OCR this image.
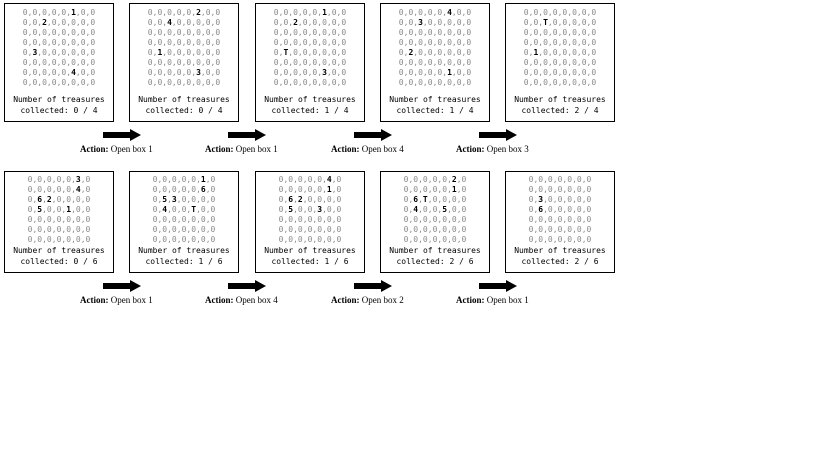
0,0,0,0,0,1,0,0
0,0,2,0,0,0,0,0
0,0,0,0,0,0,0,0
0,0,0,0,0,0,0,0
0,3,0,0,0,0,0,0
0,0,0,0,0,0,0,0
0,0,0,0,0,4,0,0
0,0,0,0,0,0,0,0
Number of treasures
collected: 0 / 4
0,0,0,0,0,2,0,0
0,0,4,0,0,0,0,0
0,0,0,0,0,0,0,0
0,0,0,0,0,0,0,0
0,1,0,0,0,0,0,0
0,0,0,0,0,0,0,0
0,0,0,0,0,3,0,0
0,0,0,0,0,0,0,0
Number of treasures
collected: 0 / 4
0,0,0,0,0,1,0,0
0,0,2,0,0,0,0,0
0,0,0,0,0,0,0,0
0,0,0,0,0,0,0,0
0,T,0,0,0,0,0,0
0,0,0,0,0,0,0,0
0,0,0,0,0,3,0,0
0,0,0,0,0,0,0,0
Number of treasures
collected: 1 / 4
0,0,0,0,0,4,0,0
0,0,3,0,0,0,0,0
0,0,0,0,0,0,0,0
0,0,0,0,0,0,0,0
0,2,0,0,0,0,0,0
0,0,0,0,0,0,0,0
0,0,0,0,0,1,0,0
0,0,0,0,0,0,0,0
Number of treasures
collected: 1 / 4
0,0,0,0,0,0,0,0
0,0,T,0,0,0,0,0
0,0,0,0,0,0,0,0
0,0,0,0,0,0,0,0
0,1,0,0,0,0,0,0
0,0,0,0,0,0,0,0
0,0,0,0,0,0,0,0
0,0,0,0,0,0,0,0
Number of treasures
collected: 2 / 4
Action: Open box 1	Action: Open box 1	Action: Open box 4	Action: Open box 3
0,0,0,0,0,3,0
0,0,0,0,0,4,0
0,6,2,0,0,0,0
0,5,0,0,1,0,0
0,0,0,0,0,0,0
0,0,0,0,0,0,0
0,0,0,0,0,0,0
Number of treasures
collected: 0 / 6
0,0,0,0,0,1,0
0,0,0,0,0,6,0
0,5,3,0,0,0,0
0,4,0,0,T,0,0
0,0,0,0,0,0,0
0,0,0,0,0,0,0
0,0,0,0,0,0,0
Number of treasures
collected: 1 / 6
0,0,0,0,0,4,0
0,0,0,0,0,1,0
0,6,2,0,0,0,0
0,5,0,0,3,0,0
0,0,0,0,0,0,0
0,0,0,0,0,0,0
0,0,0,0,0,0,0
Number of treasures
collected: 1 / 6
0,0,0,0,0,2,0
0,0,0,0,0,1,0
0,6,T,0,0,0,0
0,4,0,0,5,0,0
0,0,0,0,0,0,0
0,0,0,0,0,0,0
0,0,0,0,0,0,0
Number of treasures
collected: 2 / 6
0,0,0,0,0,0,0
0,0,0,0,0,0,0
0,3,0,0,0,0,0
0,6,0,0,0,0,0
0,0,0,0,0,0,0
0,0,0,0,0,0,0
0,0,0,0,0,0,0
Number of treasures
collected: 2 / 6
Action: Open box 1	Action: Open box 4	Action: Open box 2	Action: Open box 1
